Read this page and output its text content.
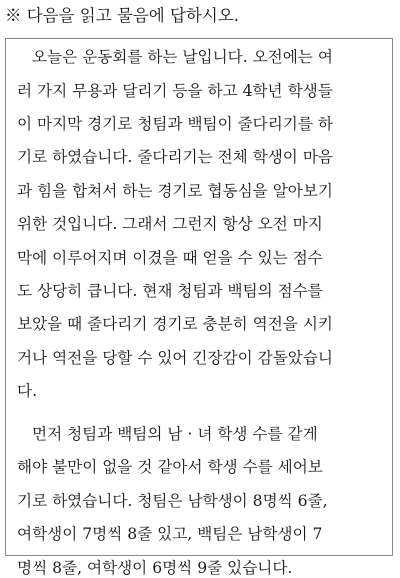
※ 다음을 읽고 물음에 답하시오.
오늘은 운동회를 하는 날입니다. 오전에는 여
러 가지 무용과 달리기 등을 하고 4학년 학생들
이 마지막 경기로 청팀과 백팀이 줄다리기를 하
기로 하였습니다. 줄다리기는 전체 학생이 마음
과 힘을 합쳐서 하는 경기로 협동심을 알아보기
위한 것입니다. 그래서 그런지 항상 오전 마지
막에 이루어지며 이겼을 때 얻을 수 있는 점수
도 상당히 큽니다. 현재 청팀과 백팀의 점수를
보았을 때 줄다리기 경기로 충분히 역전을 시키
거나 역전을 당할 수 있어 긴장감이 감돌았습니
다.
먼저 청팀과 백팀의 남 · 녀 학생 수를 같게
해야 불만이 없을 것 같아서 학생 수를 세어보
기로 하였습니다. 청팀은 남학생이 8명씩 6줄,
여학생이 7명씩 8줄 있고, 백팀은 남학생이 7
명씩 8줄, 여학생이 6명씩 9줄 있습니다.
